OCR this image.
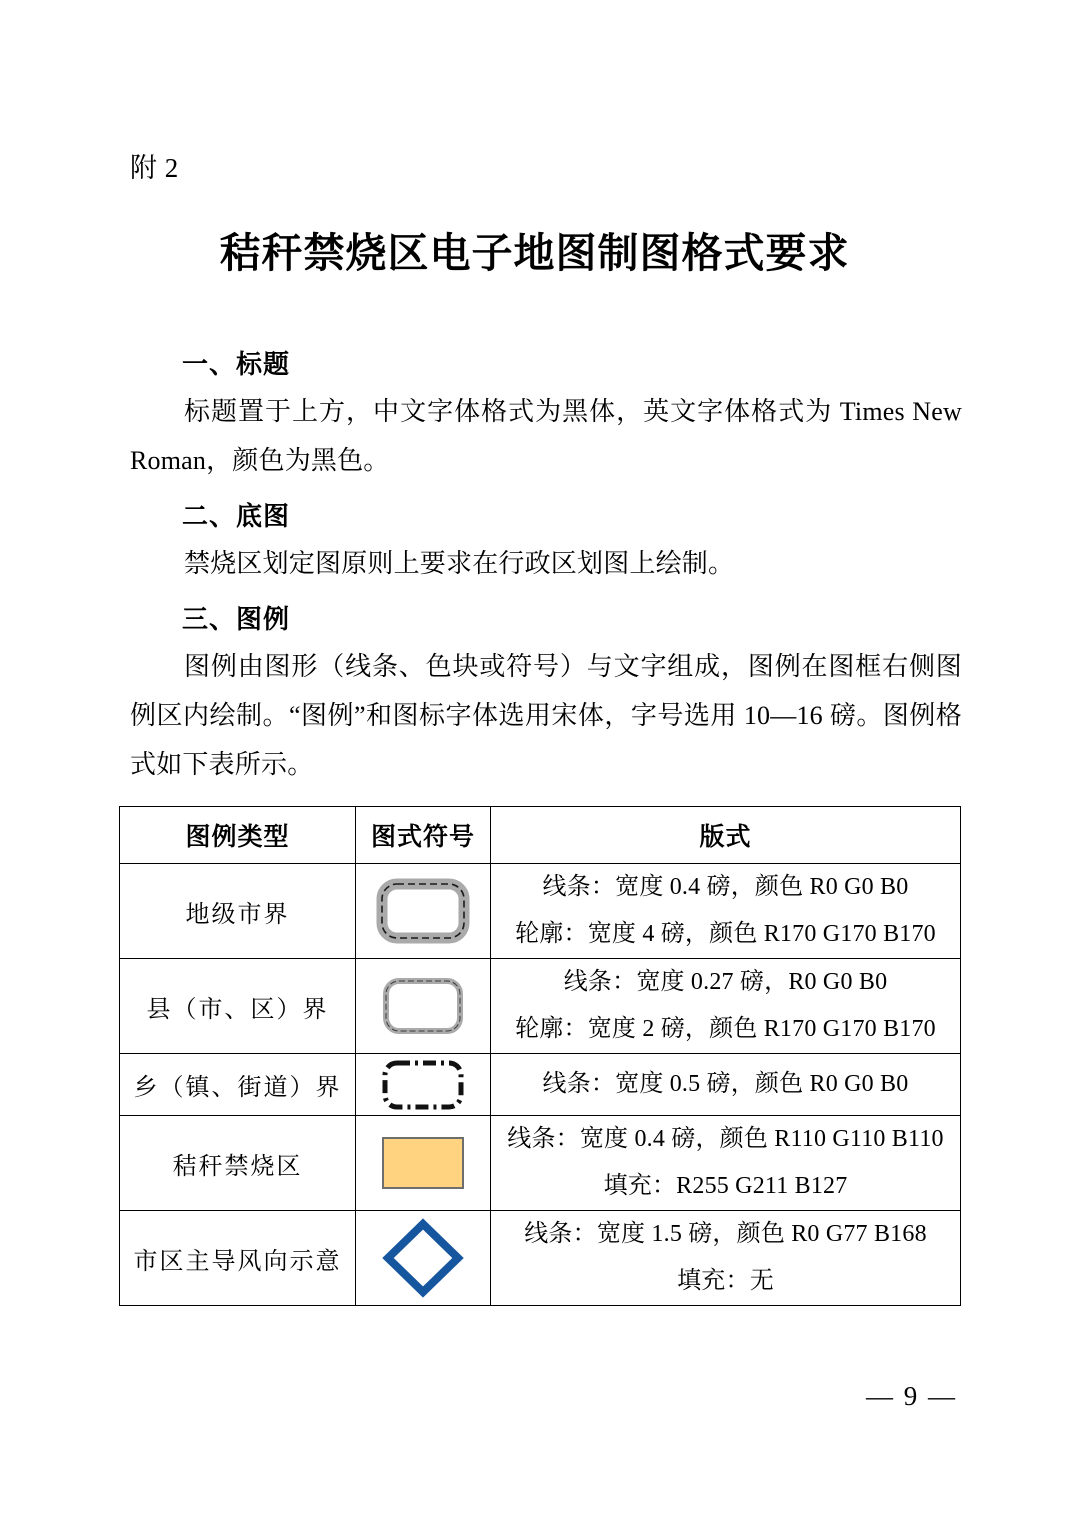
附 2
秸秆禁烧区电子地图制图格式要求
一、标题

标题置于上方，中文字体格式为黑体，英文字体格式为 Times New Roman，颜色为黑色。

二、底图

禁烧区划定图原则上要求在行政区划图上绘制。

三、图例

图例由图形（线条、色块或符号）与文字组成，图例在图框右侧图例区内绘制。“图例”和图标字体选用宋体，字号选用 10—16 磅。图例格式如下表所示。

图例类型	图式符号	版式
地级市界		线条：宽度 0.4 磅，颜色 R0 G0 B0
轮廓：宽度 4 磅，颜色 R170 G170 B170

县（市、区）界		线条：宽度 0.27 磅，R0 G0 B0
轮廓：宽度 2 磅，颜色 R170 G170 B170

乡（镇、街道）界		线条：宽度 0.5 磅，颜色 R0 G0 B0

秸秆禁烧区		线条：宽度 0.4 磅，颜色 R110 G110 B110
填充：R255 G211 B127

市区主导风向示意		线条：宽度 1.5 磅，颜色 R0 G77 B168
填充：无
— 9 —
